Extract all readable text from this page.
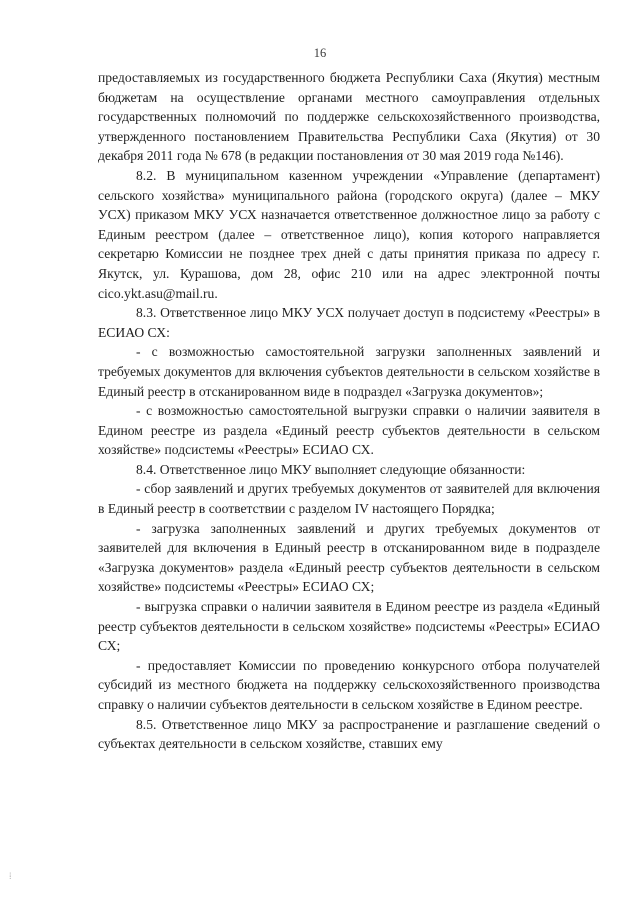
16

предоставляемых из государственного бюджета Республики Саха (Якутия) местным бюджетам на осуществление органами местного самоуправления отдельных государственных полномочий по поддержке сельскохозяйственного производства, утвержденного постановлением Правительства Республики Саха (Якутия) от 30 декабря 2011 года № 678 (в редакции постановления от 30 мая 2019 года №146).

8.2. В муниципальном казенном учреждении «Управление (департамент) сельского хозяйства» муниципального района (городского округа) (далее – МКУ УСХ) приказом МКУ УСХ назначается ответственное должностное лицо за работу с Единым реестром (далее – ответственное лицо), копия которого направляется секретарю Комиссии не позднее трех дней с даты принятия приказа по адресу г. Якутск, ул. Курашова, дом 28, офис 210 или на адрес электронной почты cico.ykt.asu@mail.ru.

8.3. Ответственное лицо МКУ УСХ получает доступ в подсистему «Реестры» в ЕСИАО СХ:

- с возможностью самостоятельной загрузки заполненных заявлений и требуемых документов для включения субъектов деятельности в сельском хозяйстве в Единый реестр в отсканированном виде в подраздел «Загрузка документов»;

- с возможностью самостоятельной выгрузки справки о наличии заявителя в Едином реестре из раздела «Единый реестр субъектов деятельности в сельском хозяйстве» подсистемы «Реестры» ЕСИАО СХ.

8.4. Ответственное лицо МКУ выполняет следующие обязанности:

- сбор заявлений и других требуемых документов от заявителей для включения в Единый реестр в соответствии с разделом IV настоящего Порядка;

- загрузка заполненных заявлений и других требуемых документов от заявителей для включения в Единый реестр в отсканированном виде в подразделе «Загрузка документов» раздела «Единый реестр субъектов деятельности в сельском хозяйстве» подсистемы «Реестры» ЕСИАО СХ;

- выгрузка справки о наличии заявителя в Едином реестре из раздела «Единый реестр субъектов деятельности в сельском хозяйстве» подсистемы «Реестры» ЕСИАО СХ;

- предоставляет Комиссии по проведению конкурсного отбора получателей субсидий из местного бюджета на поддержку сельскохозяйственного производства справку о наличии субъектов деятельности в сельском хозяйстве в Едином реестре.

8.5. Ответственное лицо МКУ за распространение и разглашение сведений о субъектах деятельности в сельском хозяйстве, ставших ему

⁞
